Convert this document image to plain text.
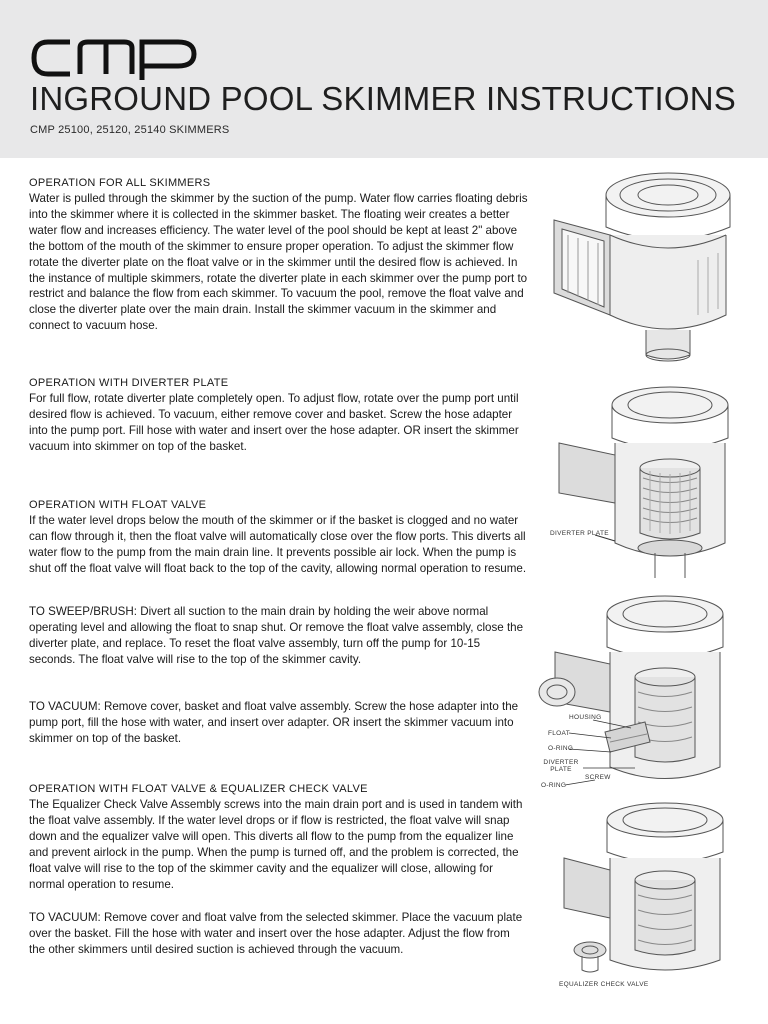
INGROUND POOL SKIMMER INSTRUCTIONS
CMP 25100, 25120, 25140 SKIMMERS
OPERATION FOR ALL SKIMMERS

Water is pulled through the skimmer by the suction of the pump. Water flow carries floating debris into the skimmer where it is collected in the skimmer basket. The floating weir creates a better water flow and increases efficiency. The water level of the pool should be kept at least 2" above the bottom of the mouth of the skimmer to ensure proper operation. To adjust the skimmer flow rotate the diverter plate on the float valve or in the skimmer until the desired flow is achieved. In the instance of multiple skimmers, rotate the diverter plate in each skimmer over the pump port to restrict and balance the flow from each skimmer. To vacuum the pool, remove the float valve and close the diverter plate over the main drain. Install the skimmer vacuum in the skimmer and connect to vacuum hose.

OPERATION WITH DIVERTER PLATE

For full flow, rotate diverter plate completely open. To adjust flow, rotate over the pump port until desired flow is achieved. To vacuum, either remove cover and basket. Screw the hose adapter into the pump port. Fill hose with water and insert over the hose adapter. OR insert the skimmer vacuum into skimmer on top of the basket.

OPERATION WITH FLOAT VALVE

If the water level drops below the mouth of the skimmer or if the basket is clogged and no water can flow through it, then the float valve will automatically close over the flow ports. This diverts all water flow to the pump from the main drain line. It prevents possible air lock. When the pump is shut off the float valve will float back to the top of the cavity, allowing normal operation to resume.

TO SWEEP/BRUSH: Divert all suction to the main drain by holding the weir above normal operating level and allowing the float to snap shut. Or remove the float valve assembly, close the diverter plate, and replace. To reset the float valve assembly, turn off the pump for 10-15 seconds. The float valve will rise to the top of the skimmer cavity.

TO VACUUM: Remove cover, basket and float valve assembly. Screw the hose adapter into the pump port, fill the hose with water, and insert over adapter. OR insert the skimmer vacuum into skimmer on top of the basket.

OPERATION WITH FLOAT VALVE & EQUALIZER CHECK VALVE

The Equalizer Check Valve Assembly screws into the main drain port and is used in tandem with the float valve assembly. If the water level drops or if flow is restricted, the float valve will snap down and the equalizer valve will open. This diverts all flow to the pump from the equalizer line and prevent airlock in the pump. When the pump is turned off, and the problem is corrected, the float valve will rise to the top of the skimmer cavity and the equalizer will close, allowing for normal operation to resume.

TO VACUUM: Remove cover and float valve from the selected skimmer. Place the vacuum plate over the basket. Fill the hose with water and insert over the hose adapter. Adjust the flow from the other skimmers until desired suction is achieved through the vacuum.

DIVERTER PLATE
HOUSING
FLOAT
O-RING
DIVERTER PLATE
SCREW
O-RING
EQUALIZER CHECK VALVE
